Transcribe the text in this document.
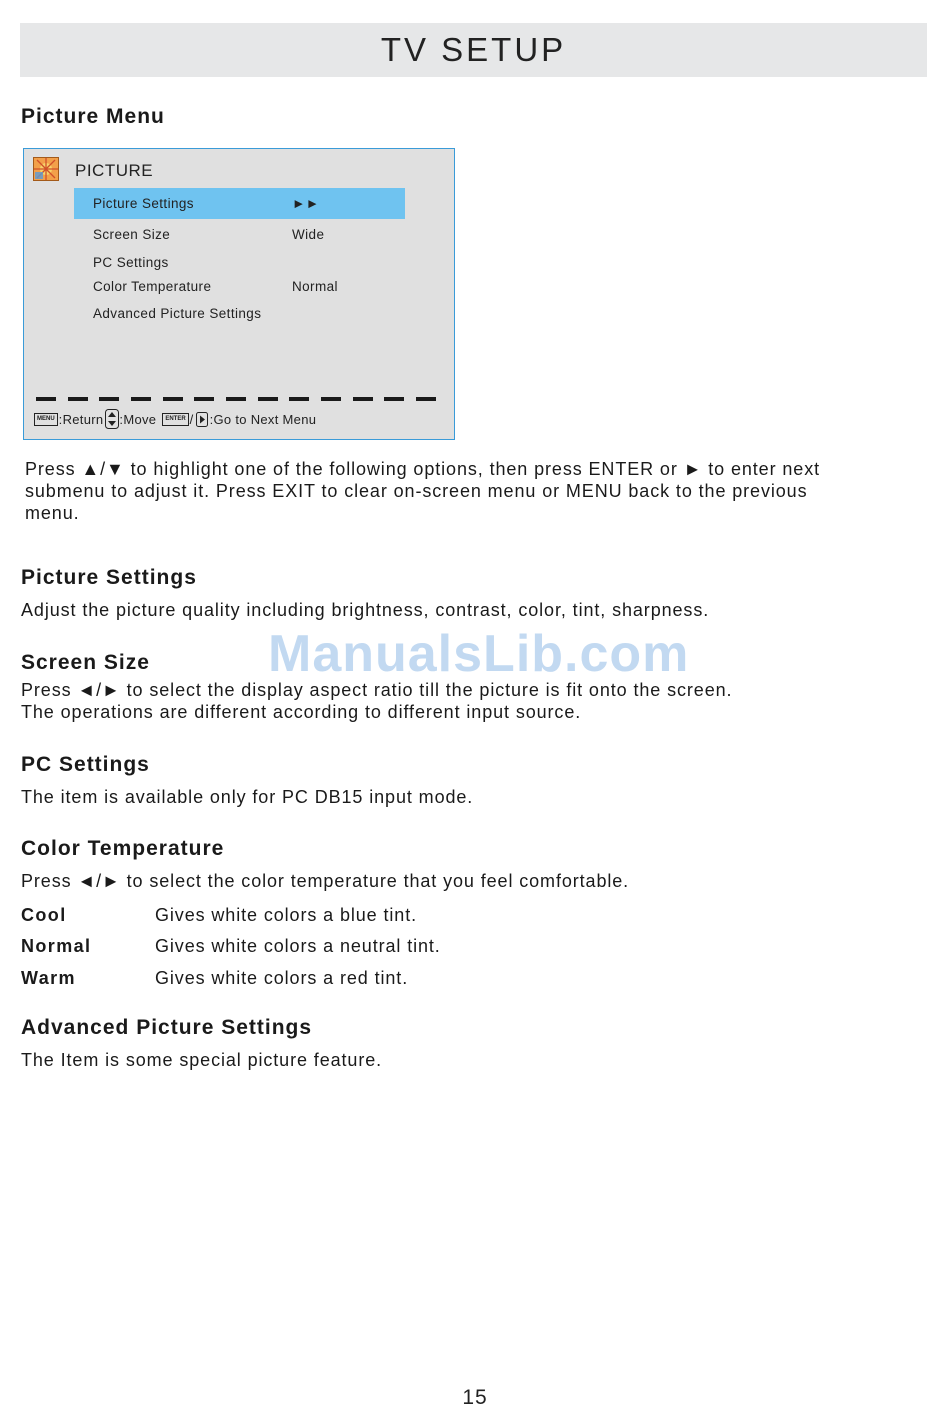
TV SETUP
Picture Menu
PICTURE
Picture Settings	►►
Screen Size	Wide
PC Settings
Color Temperature	Normal
Advanced Picture Settings
MENU :Return :Move	ENTER / :Go to Next Menu
Press ▲/▼ to highlight one of the following options, then press ENTER or ► to enter next
submenu to adjust it. Press EXIT to clear on-screen menu or MENU back to the previous
menu.
Picture Settings
Adjust the picture quality including brightness, contrast, color, tint, sharpness.
ManualsLib.com
Screen Size
Press ◄/► to select the display aspect ratio till the picture is fit onto the screen.
The operations are different according to different input source.
PC Settings
The item is available only for PC DB15 input mode.
Color Temperature
Press ◄/► to select the color temperature that you feel comfortable.
Cool	Gives white colors a blue tint.
Normal	Gives white colors a neutral tint.
Warm	Gives white colors a red tint.
Advanced Picture Settings
The Item is some special picture feature.
15
